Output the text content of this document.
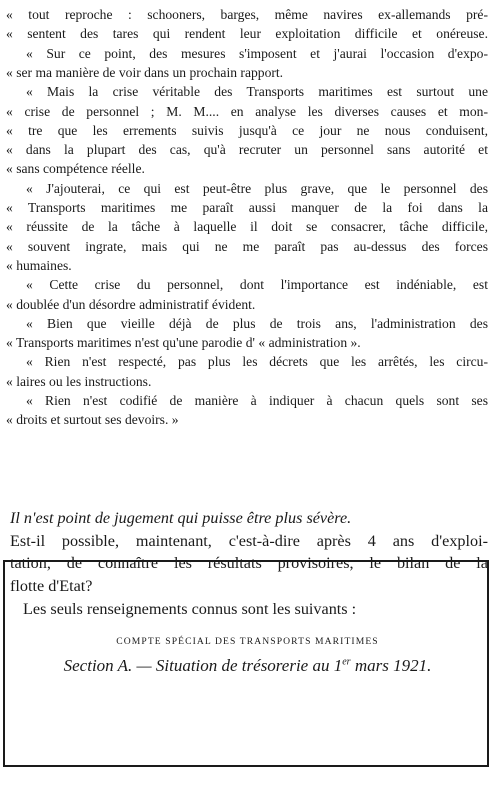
« tout reproche : schooners, barges, même navires ex-allemands pré-
« sentent des tares qui rendent leur exploitation difficile et onéreuse.
« Sur ce point, des mesures s'imposent et j'aurai l'occasion d'expo-
« ser ma manière de voir dans un prochain rapport.
« Mais la crise véritable des Transports maritimes est surtout une
« crise de personnel ; M. M.... en analyse les diverses causes et mon-
« tre que les errements suivis jusqu'à ce jour ne nous conduisent,
« dans la plupart des cas, qu'à recruter un personnel sans autorité et
« sans compétence réelle.
« J'ajouterai, ce qui est peut-être plus grave, que le personnel des
« Transports maritimes me paraît aussi manquer de la foi dans la
« réussite de la tâche à laquelle il doit se consacrer, tâche difficile,
« souvent ingrate, mais qui ne me paraît pas au-dessus des forces
« humaines.
« Cette crise du personnel, dont l'importance est indéniable, est
« doublée d'un désordre administratif évident.
« Bien que vieille déjà de plus de trois ans, l'administration des
« Transports maritimes n'est qu'une parodie d' « administration ».
« Rien n'est respecté, pas plus les décrets que les arrêtés, les circu-
« laires ou les instructions.
« Rien n'est codifié de manière à indiquer à chacun quels sont ses
« droits et surtout ses devoirs. »
Il n'est point de jugement qui puisse être plus sévère.
Est-il possible, maintenant, c'est-à-dire après 4 ans d'exploi-
tation, de connaître les résultats provisoires, le bilan de la
flotte d'Etat?
Les seuls renseignements connus sont les suivants :
COMPTE SPÉCIAL DES TRANSPORTS MARITIMES
Section A. — Situation de trésorerie au 1er mars 1921.
